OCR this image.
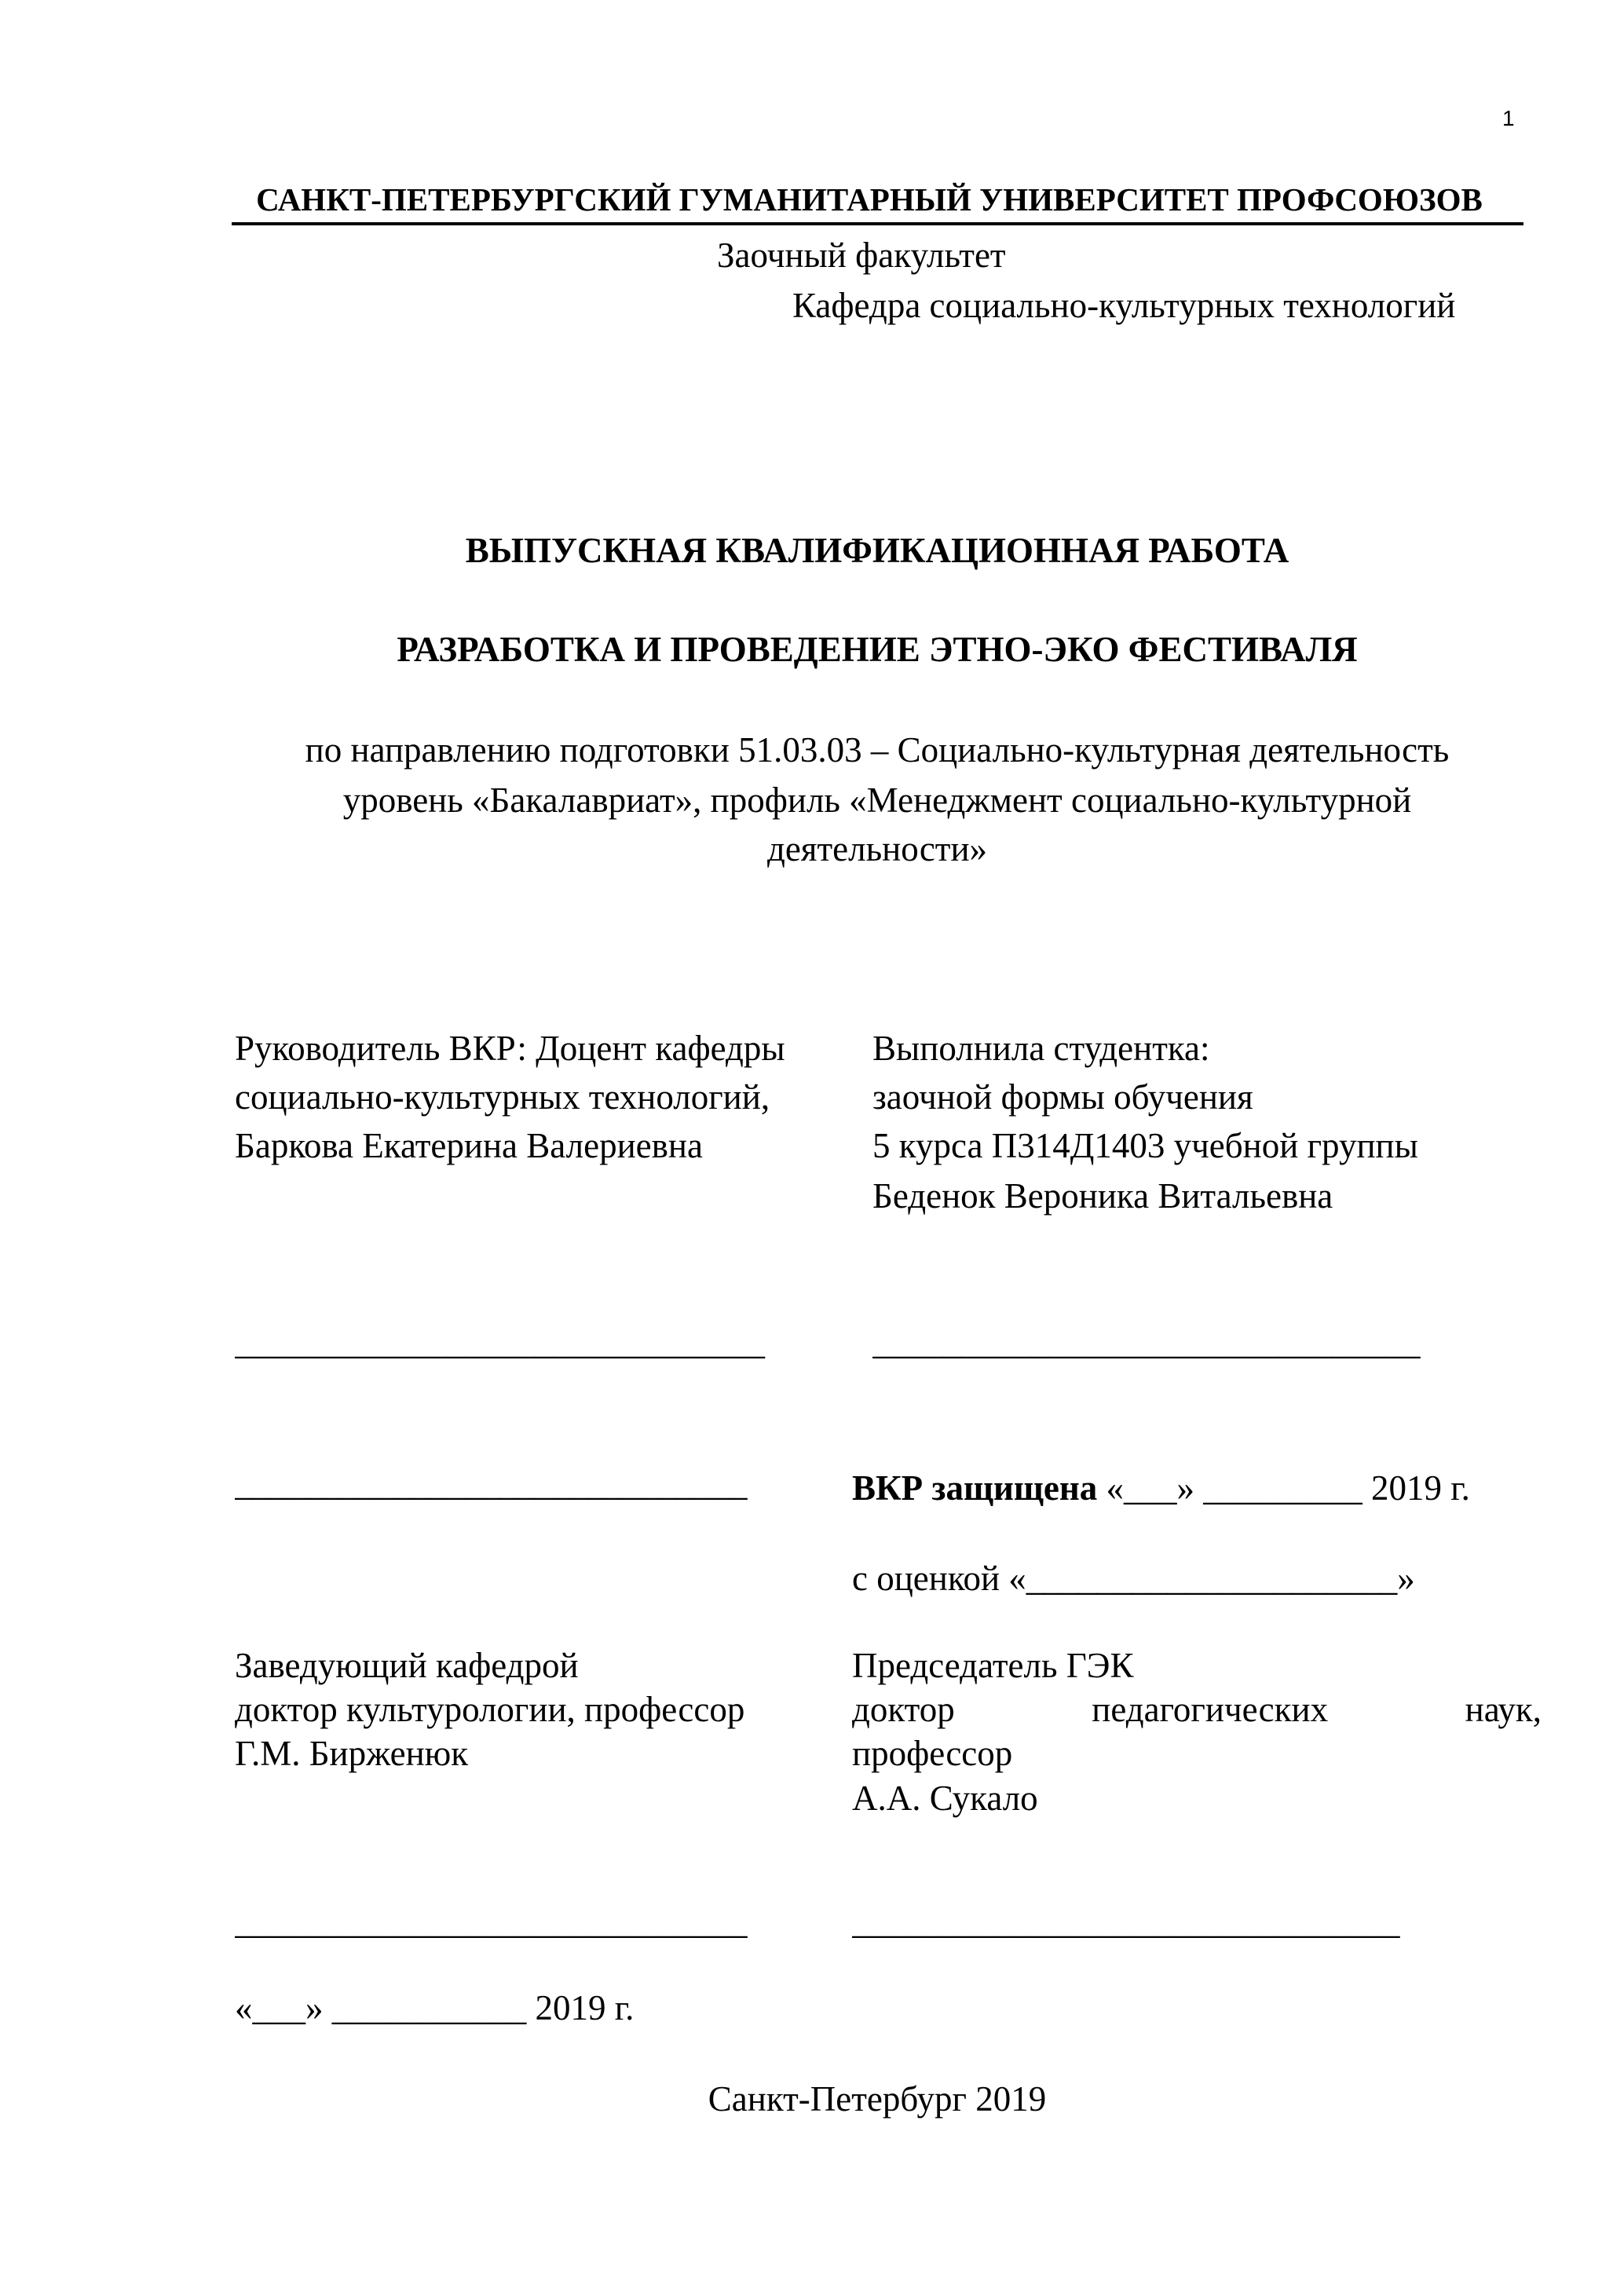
1
САНКТ-ПЕТЕРБУРГСКИЙ ГУМАНИТАРНЫЙ УНИВЕРСИТЕТ ПРОФСОЮЗОВ
Заочный факультет
Кафедра социально-культурных технологий
ВЫПУСКНАЯ КВАЛИФИКАЦИОННАЯ РАБОТА
РАЗРАБОТКА И ПРОВЕДЕНИЕ ЭТНО-ЭКО ФЕСТИВАЛЯ
по направлению подготовки 51.03.03 – Социально-культурная деятельность
уровень «Бакалавриат», профиль «Менеджмент социально-культурной
деятельности»
Руководитель ВКР: Доцент кафедры
социально-культурных технологий,
Баркова Екатерина Валериевна
______________________________
Выполнила студентка:
заочной формы обучения
5 курса П314Д1403 учебной группы
Беденок Вероника Витальевна
_______________________________
_____________________________	ВКР защищена «___» _________ 2019 г.
с оценкой «_____________________»
Заведующий кафедрой
доктор культурологии, профессор
Г.М. Бирженюк
_____________________________
«___» ___________ 2019 г.
Председатель ГЭК
доктор	педагогических	наук,
профессор
А.А. Сукало
_______________________________
Санкт-Петербург 2019
